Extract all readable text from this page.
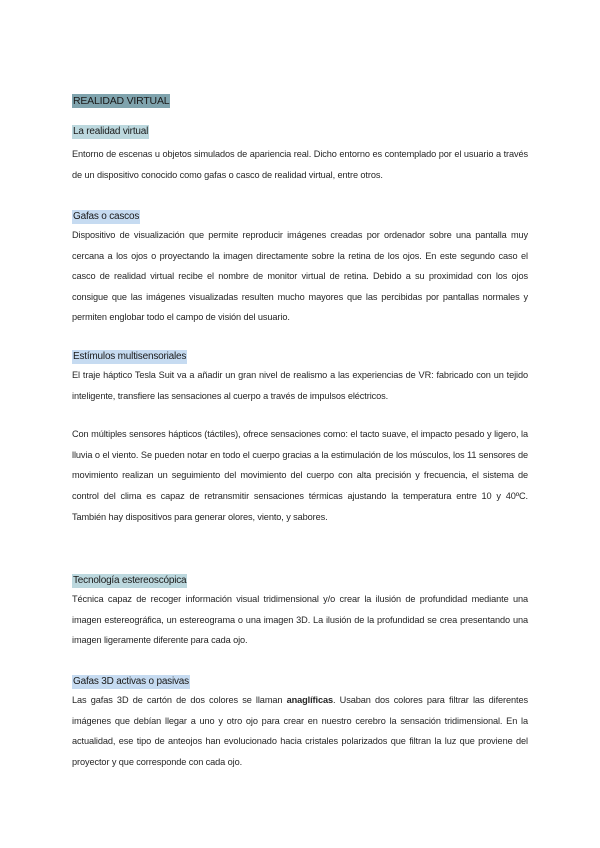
REALIDAD VIRTUAL
La realidad virtual

Entorno de escenas u objetos simulados de apariencia real. Dicho entorno es contemplado por el usuario a través de un dispositivo conocido como gafas o casco de realidad virtual, entre otros.

Gafas o cascos

Dispositivo de visualización que permite reproducir imágenes creadas por ordenador sobre una pantalla muy cercana a los ojos o proyectando la imagen directamente sobre la retina de los ojos. En este segundo caso el casco de realidad virtual recibe el nombre de monitor virtual de retina. Debido a su proximidad con los ojos consigue que las imágenes visualizadas resulten mucho mayores que las percibidas por pantallas normales y permiten englobar todo el campo de visión del usuario.

Estímulos multisensoriales

El traje háptico Tesla Suit va a añadir un gran nivel de realismo a las experiencias de VR: fabricado con un tejido inteligente, transfiere las sensaciones al cuerpo a través de impulsos eléctricos.

Con múltiples sensores hápticos (táctiles), ofrece sensaciones como: el tacto suave, el impacto pesado y ligero, la lluvia o el viento. Se pueden notar en todo el cuerpo gracias a la estimulación de los músculos, los 11 sensores de movimiento realizan un seguimiento del movimiento del cuerpo con alta precisión y frecuencia, el sistema de control del clima es capaz de retransmitir sensaciones térmicas ajustando la temperatura entre 10 y 40ºC. También hay dispositivos para generar olores, viento, y sabores.

Tecnología estereoscópica

Técnica capaz de recoger información visual tridimensional y/o crear la ilusión de profundidad mediante una imagen estereográfica, un estereograma o una imagen 3D. La ilusión de la profundidad se crea presentando una imagen ligeramente diferente para cada ojo.

Gafas 3D activas o pasivas

Las gafas 3D de cartón de dos colores se llaman anaglíficas. Usaban dos colores para filtrar las diferentes imágenes que debían llegar a uno y otro ojo para crear en nuestro cerebro la sensación tridimensional. En la actualidad, ese tipo de anteojos han evolucionado hacia cristales polarizados que filtran la luz que proviene del proyector y que corresponde con cada ojo.
